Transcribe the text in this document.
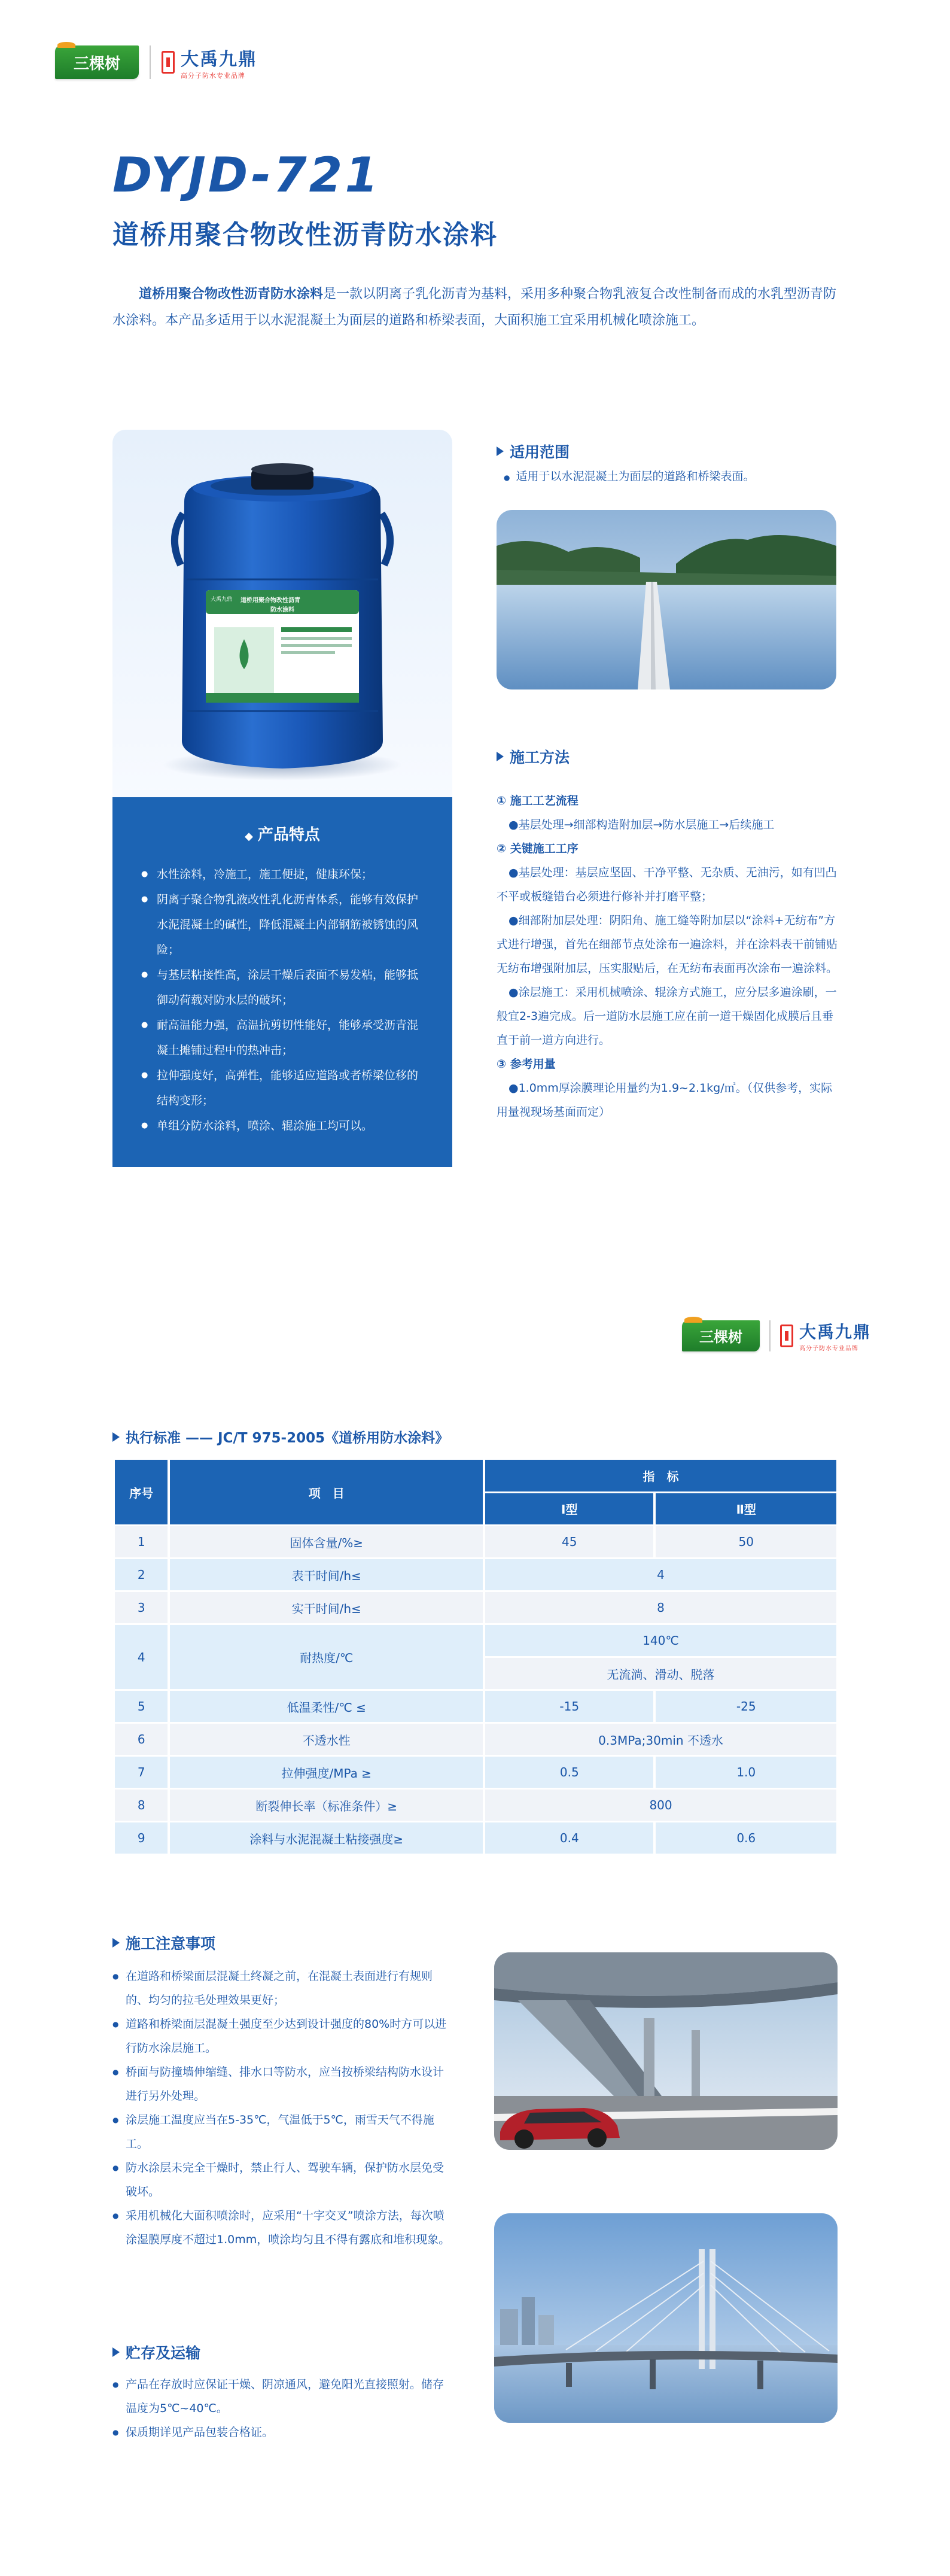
三棵树	大禹九鼎
高分子防水专业品牌
DYJD-721
道桥用聚合物改性沥青防水涂料
道桥用聚合物改性沥青防水涂料是一款以阴离子乳化沥青为基料，采用多种聚合物乳液复合改性制备而成的水乳型沥青防水涂料。本产品多适用于以水泥混凝土为面层的道路和桥梁表面，大面积施工宜采用机械化喷涂施工。
道桥用聚合物改性沥青
大禹九鼎
防水涂料
◆ 产品特点
● 水性涂料，冷施工，施工便捷，健康环保；
● 阴离子聚合物乳液改性乳化沥青体系，能够有效保护水泥混凝土的碱性，降低混凝土内部钢筋被锈蚀的风险；
● 与基层粘接性高，涂层干燥后表面不易发粘，能够抵御动荷载对防水层的破坏；
● 耐高温能力强，高温抗剪切性能好，能够承受沥青混凝土摊铺过程中的热冲击；
● 拉伸强度好，高弹性，能够适应道路或者桥梁位移的结构变形；
● 单组分防水涂料，喷涂、辊涂施工均可以。
适用范围
● 适用于以水泥混凝土为面层的道路和桥梁表面。
施工方法

① 施工工艺流程

●基层处理→细部构造附加层→防水层施工→后续施工

② 关键施工工序

●基层处理：基层应坚固、干净平整、无杂质、无油污，如有凹凸不平或板缝错台必须进行修补并打磨平整；

●细部附加层处理：阴阳角、施工缝等附加层以“涂料+无纺布”方式进行增强，首先在细部节点处涂布一遍涂料，并在涂料表干前铺贴无纺布增强附加层，压实服贴后，在无纺布表面再次涂布一遍涂料。

●涂层施工：采用机械喷涂、辊涂方式施工，应分层多遍涂刷，一般宜2-3遍完成。后一道防水层施工应在前一道干燥固化成膜后且垂直于前一道方向进行。

③ 参考用量

●1.0mm厚涂膜理论用量约为1.9~2.1kg/㎡。（仅供参考，实际用量视现场基面而定）

三棵树	大禹九鼎
高分子防水专业品牌
执行标准 —— JC/T 975-2005《道桥用防水涂料》
序号	项　目	指　标	
		Ⅰ型	Ⅱ型
1	固体含量/%≥	45	50
2	表干时间/h≤	4	
3	实干时间/h≤	8	
4	耐热度/℃	140℃	
		无流淌、滑动、脱落	
5	低温柔性/℃ ≤	-15	-25
6	不透水性	0.3MPa;30min 不透水	
7	拉伸强度/MPa ≥	0.5	1.0
8	断裂伸长率（标准条件）≥	800	
9	涂料与水泥混凝土粘接强度≥	0.4	0.6
施工注意事项
● 在道路和桥梁面层混凝土终凝之前，在混凝土表面进行有规则的、均匀的拉毛处理效果更好；
● 道路和桥梁面层混凝土强度至少达到设计强度的80%时方可以进行防水涂层施工。
● 桥面与防撞墙伸缩缝、排水口等防水，应当按桥梁结构防水设计进行另外处理。
● 涂层施工温度应当在5-35℃，气温低于5℃，雨雪天气不得施工。
● 防水涂层未完全干燥时，禁止行人、驾驶车辆，保护防水层免受破坏。
● 采用机械化大面积喷涂时，应采用“十字交叉”喷涂方法，每次喷涂湿膜厚度不超过1.0mm，喷涂均匀且不得有露底和堆积现象。
贮存及运输
● 产品在存放时应保证干燥、阴凉通风，避免阳光直接照射。储存温度为5℃~40℃。
● 保质期详见产品包装合格证。
